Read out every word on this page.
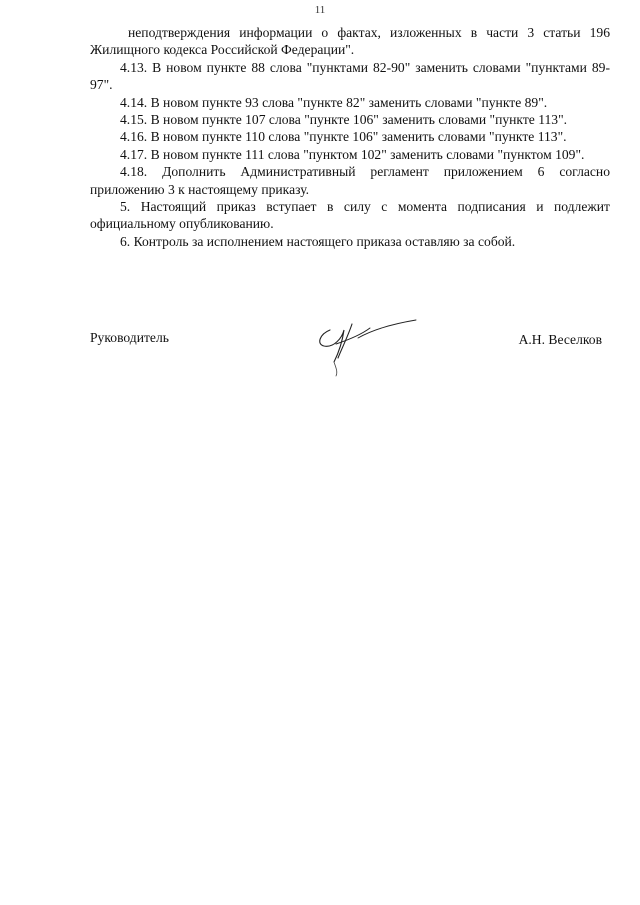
11

неподтверждения информации о фактах, изложенных в части 3 статьи 196 Жилищного кодекса Российской Федерации".

4.13. В новом пункте 88 слова "пунктами 82-90" заменить словами "пунктами 89-97".

4.14. В новом пункте 93 слова "пункте 82" заменить словами "пункте 89".

4.15. В новом пункте 107 слова "пункте 106" заменить словами "пункте 113".

4.16. В новом пункте 110 слова "пункте 106" заменить словами "пункте 113".

4.17. В новом пункте 111 слова "пунктом 102" заменить словами "пунктом 109".

4.18. Дополнить Административный регламент приложением 6 согласно приложению 3 к настоящему приказу.

5. Настоящий приказ вступает в силу с момента подписания и подлежит официальному опубликованию.

6. Контроль за исполнением настоящего приказа оставляю за собой.

Руководитель	А.Н. Веселков
